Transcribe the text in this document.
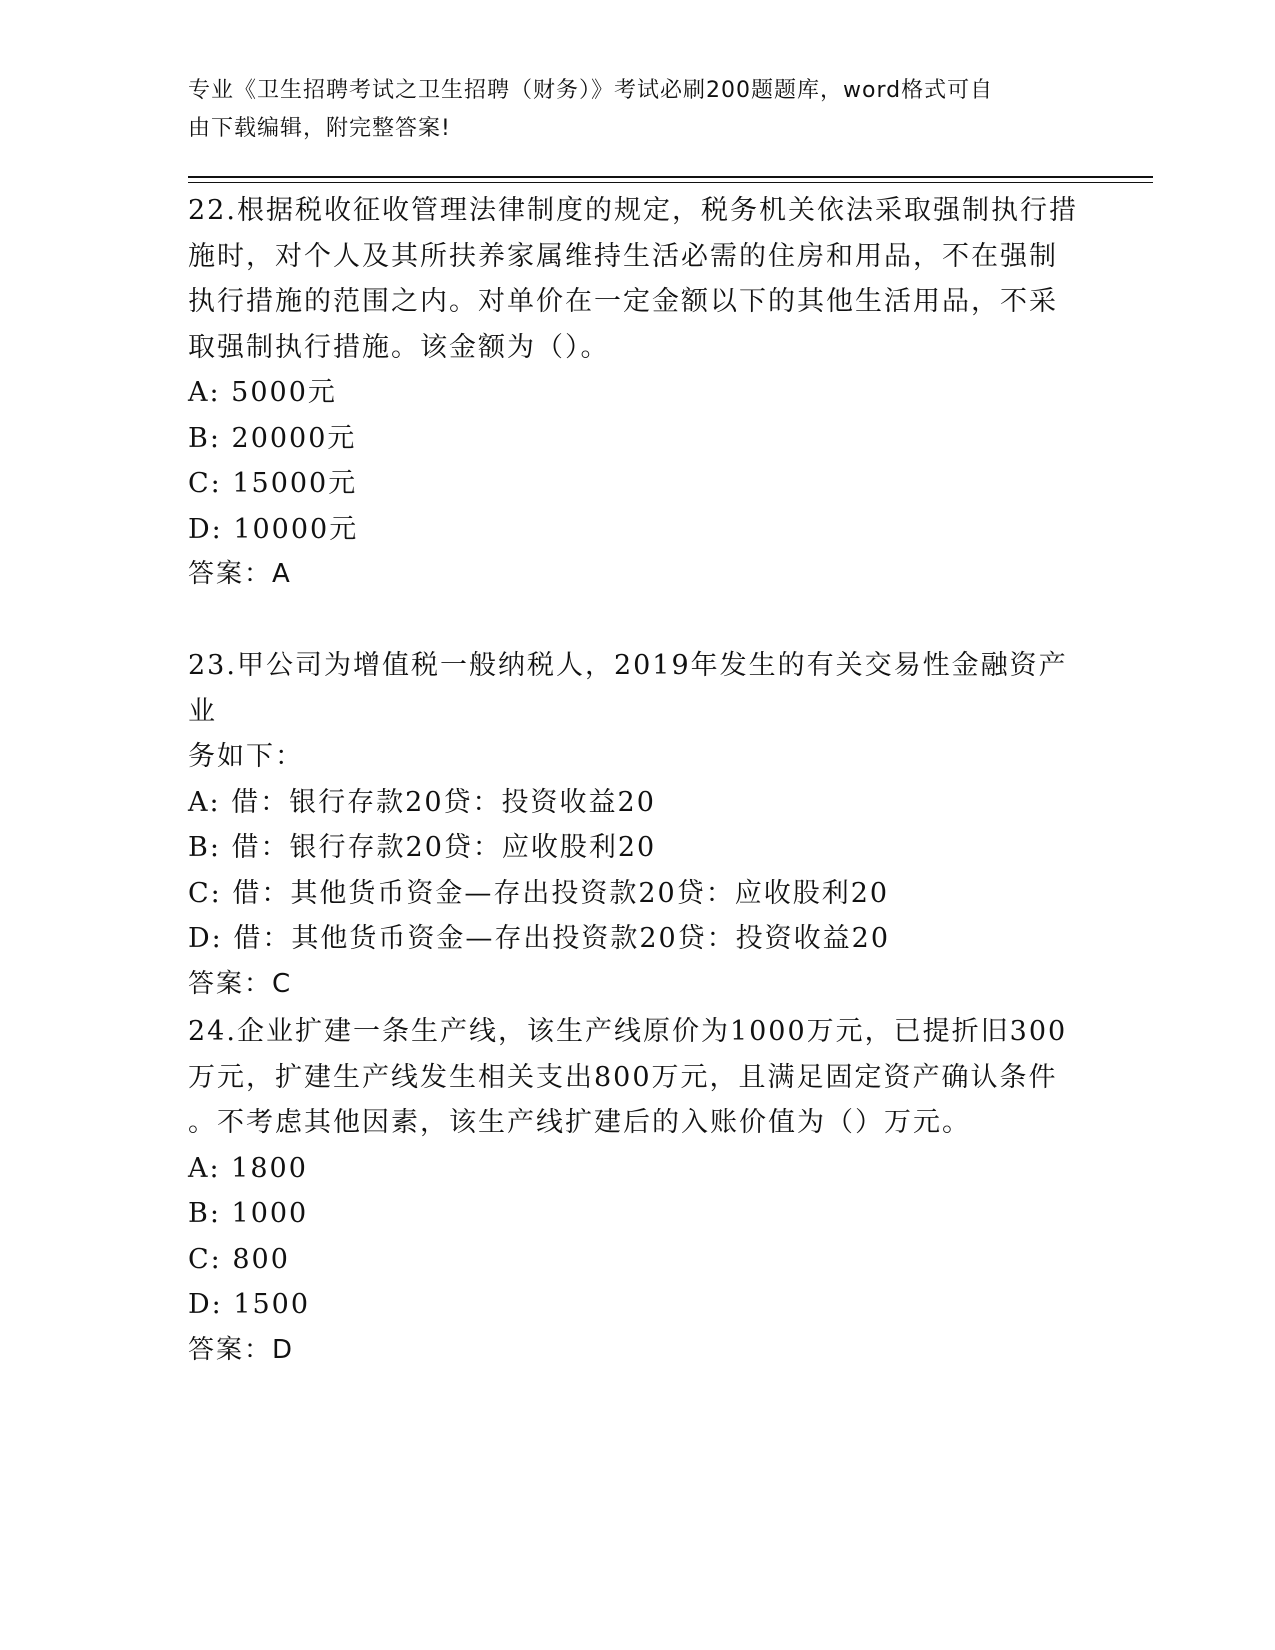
专业《卫生招聘考试之卫生招聘（财务）》考试必刷200题题库，word格式可自
由下载编辑，附完整答案!

22.根据税收征收管理法律制度的规定，税务机关依法采取强制执行措

施时，对个人及其所扶养家属维持生活必需的住房和用品，不在强制

执行措施的范围之内。对单价在一定金额以下的其他生活用品，不采

取强制执行措施。该金额为（）。

A: 5000元

B: 20000元

C: 15000元

D: 10000元

答案：A

23.甲公司为增值税一般纳税人，2019年发生的有关交易性金融资产业

务如下：

A: 借：银行存款20贷：投资收益20

B: 借：银行存款20贷：应收股利20

C: 借：其他货币资金—存出投资款20贷：应收股利20

D: 借：其他货币资金—存出投资款20贷：投资收益20

答案：C

24.企业扩建一条生产线，该生产线原价为1000万元，已提折旧300

万元，扩建生产线发生相关支出800万元，且满足固定资产确认条件

。不考虑其他因素，该生产线扩建后的入账价值为（）万元。

A: 1800

B: 1000

C: 800

D: 1500

答案：D
